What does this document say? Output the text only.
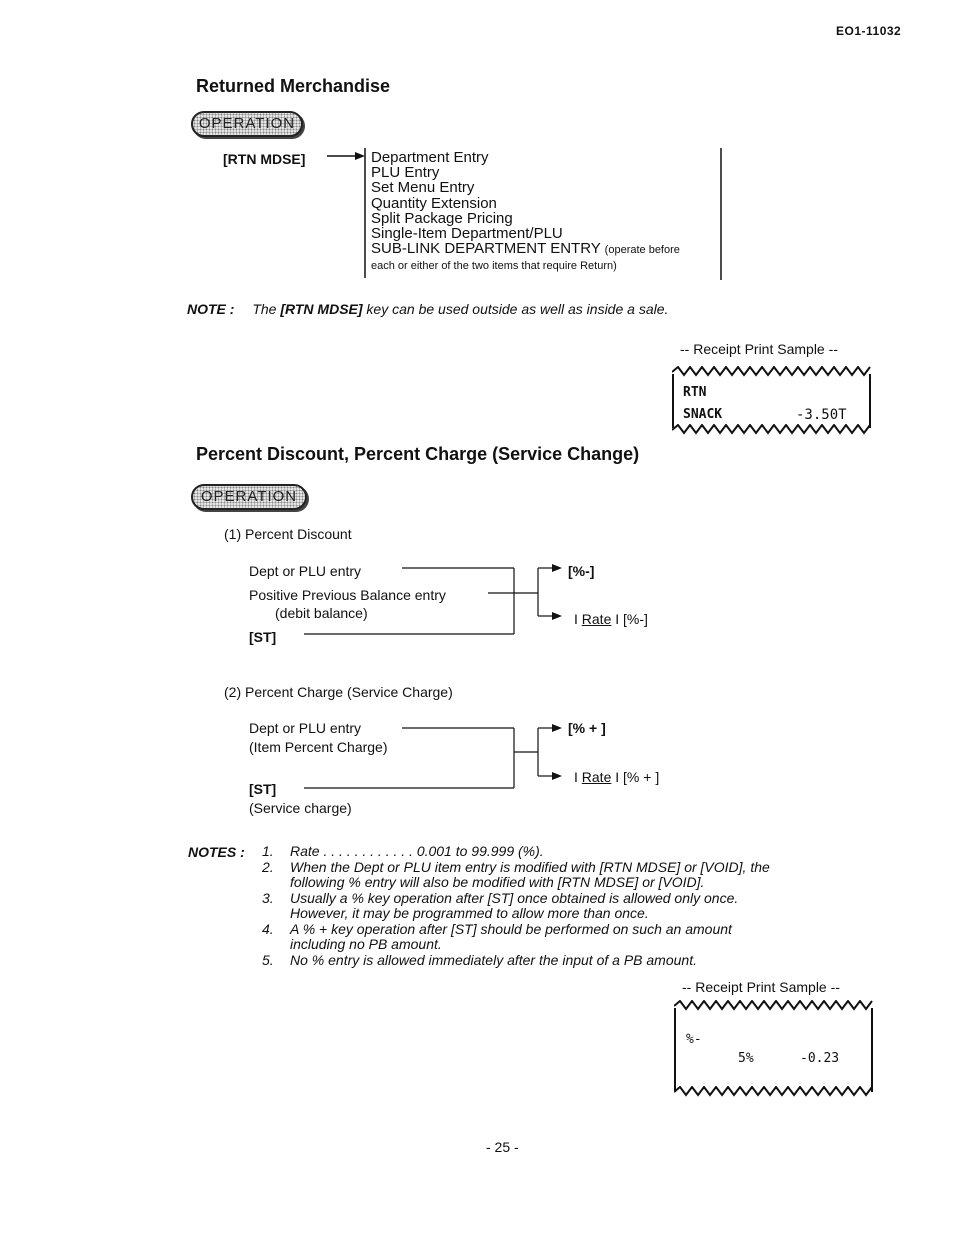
EO1-11032
Returned Merchandise
OPERATION
[RTN MDSE]	Department Entry
PLU Entry
Set Menu Entry
Quantity Extension
Split Package Pricing
Single-Item Department/PLU
SUB-LINK DEPARTMENT ENTRY (operate before
each or either of the two items that require Return)
NOTE : The [RTN MDSE] key can be used outside as well as inside a sale.
-- Receipt Print Sample --
RTN
SNACK	-3.50T
Percent Discount, Percent Charge (Service Change)
OPERATION
(1) Percent Discount
Dept or PLU entry
Positive Previous Balance entry
(debit balance)
[ST]
[%-]
I Rate I [%-]
(2) Percent Charge (Service Charge)
Dept or PLU entry
(Item Percent Charge)
[ST]
(Service charge)
[% + ]
I Rate I [% + ]
NOTES : 1.	Rate . . . . . . . . . . . . 0.001 to 99.999 (%).
2.	When the Dept or PLU item entry is modified with [RTN MDSE] or [VOID], the
following % entry will also be modified with [RTN MDSE] or [VOID].
3.	Usually a % key operation after [ST] once obtained is allowed only once.
However, it may be programmed to allow more than once.
4.	A % + key operation after [ST] should be performed on such an amount
including no PB amount.
5.	No % entry is allowed immediately after the input of a PB amount.
-- Receipt Print Sample --
%-
5%	-0.23
- 25 -
